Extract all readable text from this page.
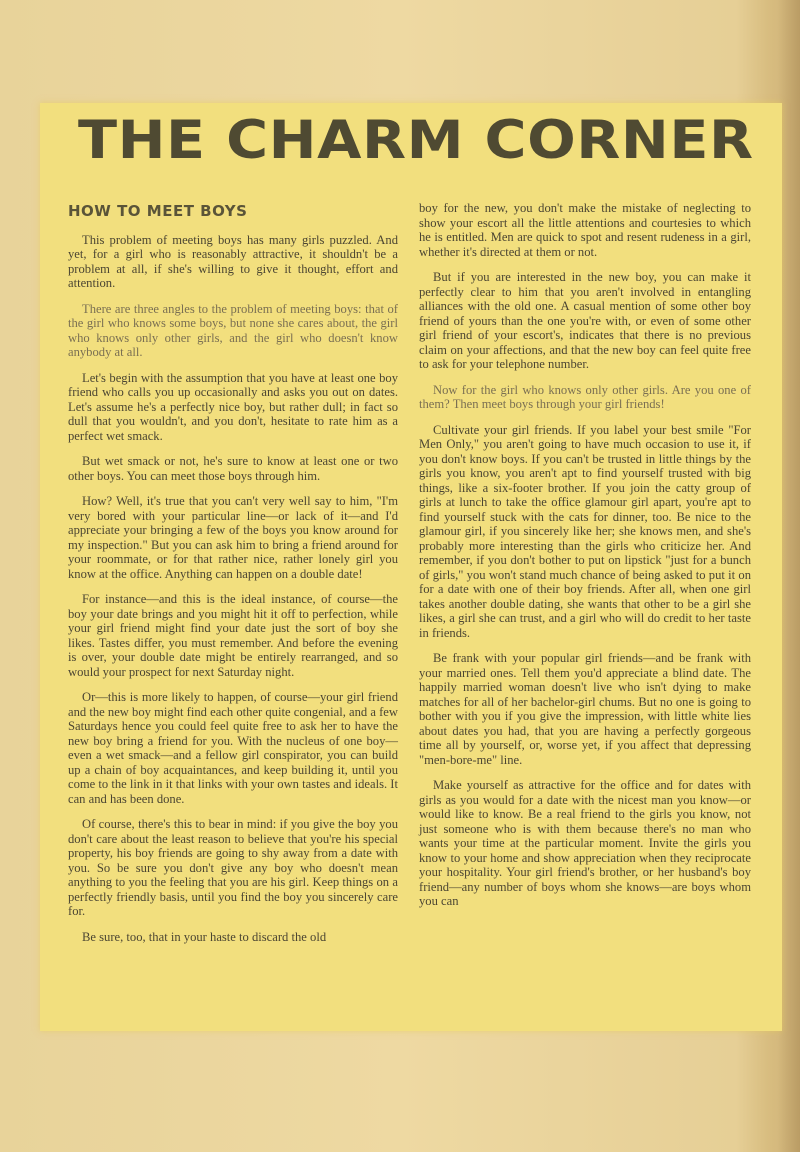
THE CHARM CORNER
HOW TO MEET BOYS

This problem of meeting boys has many girls puzzled. And yet, for a girl who is reasonably attractive, it shouldn't be a problem at all, if she's willing to give it thought, effort and attention.

There are three angles to the problem of meeting boys: that of the girl who knows some boys, but none she cares about, the girl who knows only other girls, and the girl who doesn't know anybody at all.

Let's begin with the assumption that you have at least one boy friend who calls you up occasionally and asks you out on dates. Let's assume he's a perfectly nice boy, but rather dull; in fact so dull that you wouldn't, and you don't, hesitate to rate him as a perfect wet smack.

But wet smack or not, he's sure to know at least one or two other boys. You can meet those boys through him.

How? Well, it's true that you can't very well say to him, "I'm very bored with your particular line—or lack of it—and I'd appreciate your bringing a few of the boys you know around for my inspection." But you can ask him to bring a friend around for your roommate, or for that rather nice, rather lonely girl you know at the office. Anything can happen on a double date!

For instance—and this is the ideal instance, of course—the boy your date brings and you might hit it off to perfection, while your girl friend might find your date just the sort of boy she likes. Tastes differ, you must remember. And before the evening is over, your double date might be entirely rearranged, and so would your prospect for next Saturday night.

Or—this is more likely to happen, of course—your girl friend and the new boy might find each other quite congenial, and a few Saturdays hence you could feel quite free to ask her to have the new boy bring a friend for you. With the nucleus of one boy—even a wet smack—and a fellow girl conspirator, you can build up a chain of boy acquaintances, and keep building it, until you come to the link in it that links with your own tastes and ideals. It can and has been done.

Of course, there's this to bear in mind: if you give the boy you don't care about the least reason to believe that you're his special property, his boy friends are going to shy away from a date with you. So be sure you don't give any boy who doesn't mean anything to you the feeling that you are his girl. Keep things on a perfectly friendly basis, until you find the boy you sincerely care for.

Be sure, too, that in your haste to discard the old

boy for the new, you don't make the mistake of neglecting to show your escort all the little attentions and courtesies to which he is entitled. Men are quick to spot and resent rudeness in a girl, whether it's directed at them or not.

But if you are interested in the new boy, you can make it perfectly clear to him that you aren't involved in entangling alliances with the old one. A casual mention of some other boy friend of yours than the one you're with, or even of some other girl friend of your escort's, indicates that there is no previous claim on your affections, and that the new boy can feel quite free to ask for your telephone number.

Now for the girl who knows only other girls. Are you one of them? Then meet boys through your girl friends!

Cultivate your girl friends. If you label your best smile "For Men Only," you aren't going to have much occasion to use it, if you don't know boys. If you can't be trusted in little things by the girls you know, you aren't apt to find yourself trusted with big things, like a six-footer brother. If you join the catty group of girls at lunch to take the office glamour girl apart, you're apt to find yourself stuck with the cats for dinner, too. Be nice to the glamour girl, if you sincerely like her; she knows men, and she's probably more interesting than the girls who criticize her. And remember, if you don't bother to put on lipstick "just for a bunch of girls," you won't stand much chance of being asked to put it on for a date with one of their boy friends. After all, when one girl takes another double dating, she wants that other to be a girl she likes, a girl she can trust, and a girl who will do credit to her taste in friends.

Be frank with your popular girl friends—and be frank with your married ones. Tell them you'd appreciate a blind date. The happily married woman doesn't live who isn't dying to make matches for all of her bachelor-girl chums. But no one is going to bother with you if you give the impression, with little white lies about dates you had, that you are having a perfectly gorgeous time all by yourself, or, worse yet, if you affect that depressing "men-bore-me" line.

Make yourself as attractive for the office and for dates with girls as you would for a date with the nicest man you know—or would like to know. Be a real friend to the girls you know, not just someone who is with them because there's no man who wants your time at the particular moment. Invite the girls you know to your home and show appreciation when they reciprocate your hospitality. Your girl friend's brother, or her husband's boy friend—any number of boys whom she knows—are boys whom you can
